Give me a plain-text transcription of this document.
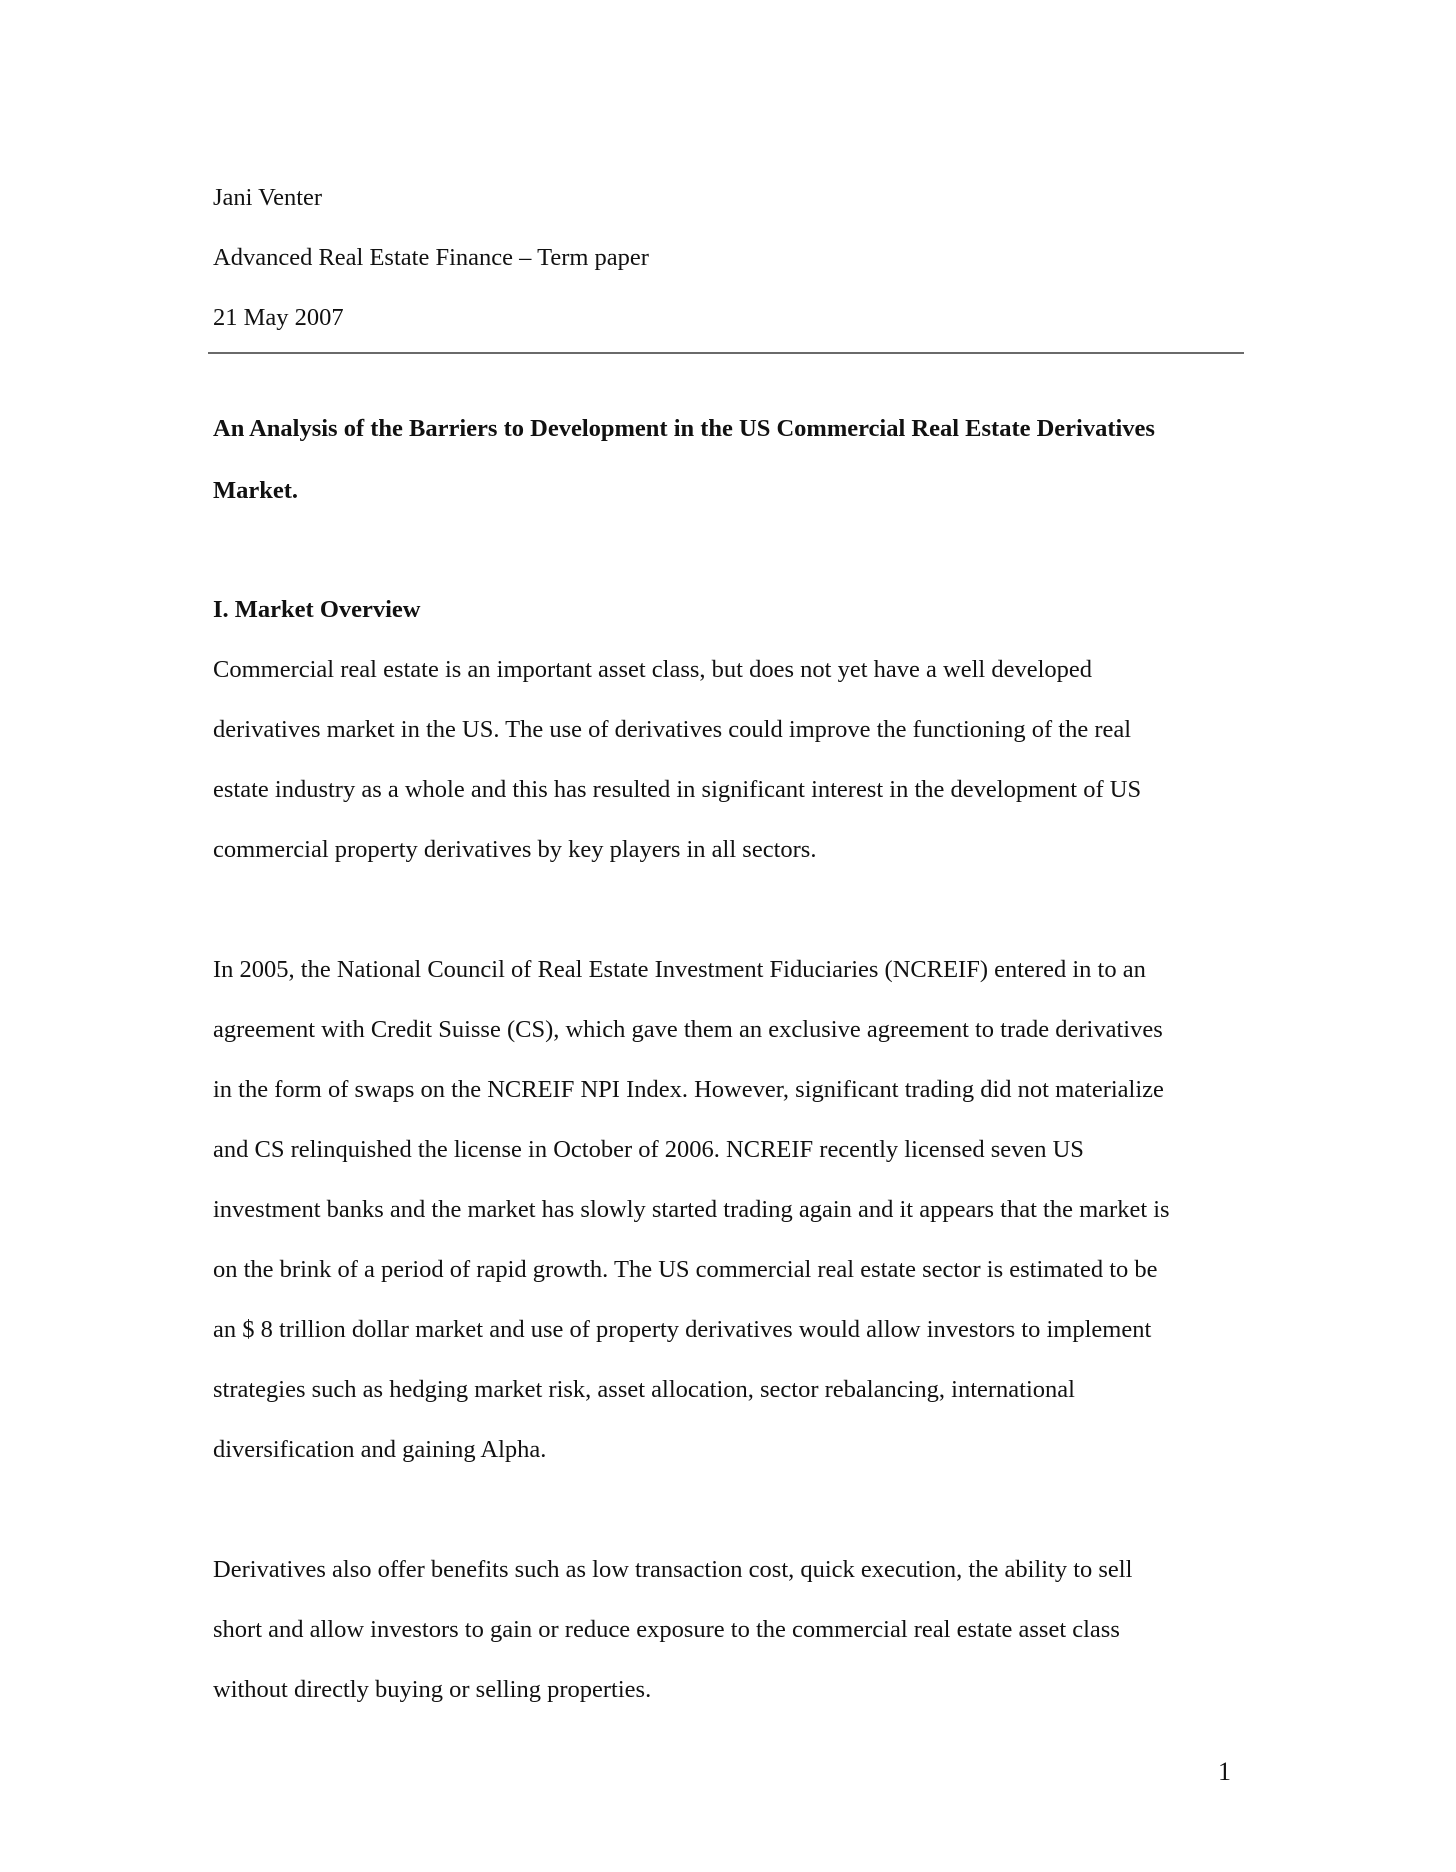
Jani Venter

Advanced Real Estate Finance – Term paper

21 May 2007

An Analysis of the Barriers to Development in the US Commercial Real Estate Derivatives

Market.

I. Market Overview

Commercial real estate is an important asset class, but does not yet have a well developed

derivatives market in the US. The use of derivatives could improve the functioning of the real

estate industry as a whole and this has resulted in significant interest in the development of US

commercial property derivatives by key players in all sectors.

In 2005, the National Council of Real Estate Investment Fiduciaries (NCREIF) entered in to an

agreement with Credit Suisse (CS), which gave them an exclusive agreement to trade derivatives

in the form of swaps on the NCREIF NPI Index. However, significant trading did not materialize

and CS relinquished the license in October of 2006. NCREIF recently licensed seven US

investment banks and the market has slowly started trading again and it appears that the market is

on the brink of a period of rapid growth. The US commercial real estate sector is estimated to be

an $ 8 trillion dollar market and use of property derivatives would allow investors to implement

strategies such as hedging market risk, asset allocation, sector rebalancing, international

diversification and gaining Alpha.

Derivatives also offer benefits such as low transaction cost, quick execution, the ability to sell

short and allow investors to gain or reduce exposure to the commercial real estate asset class

without directly buying or selling properties.

1
